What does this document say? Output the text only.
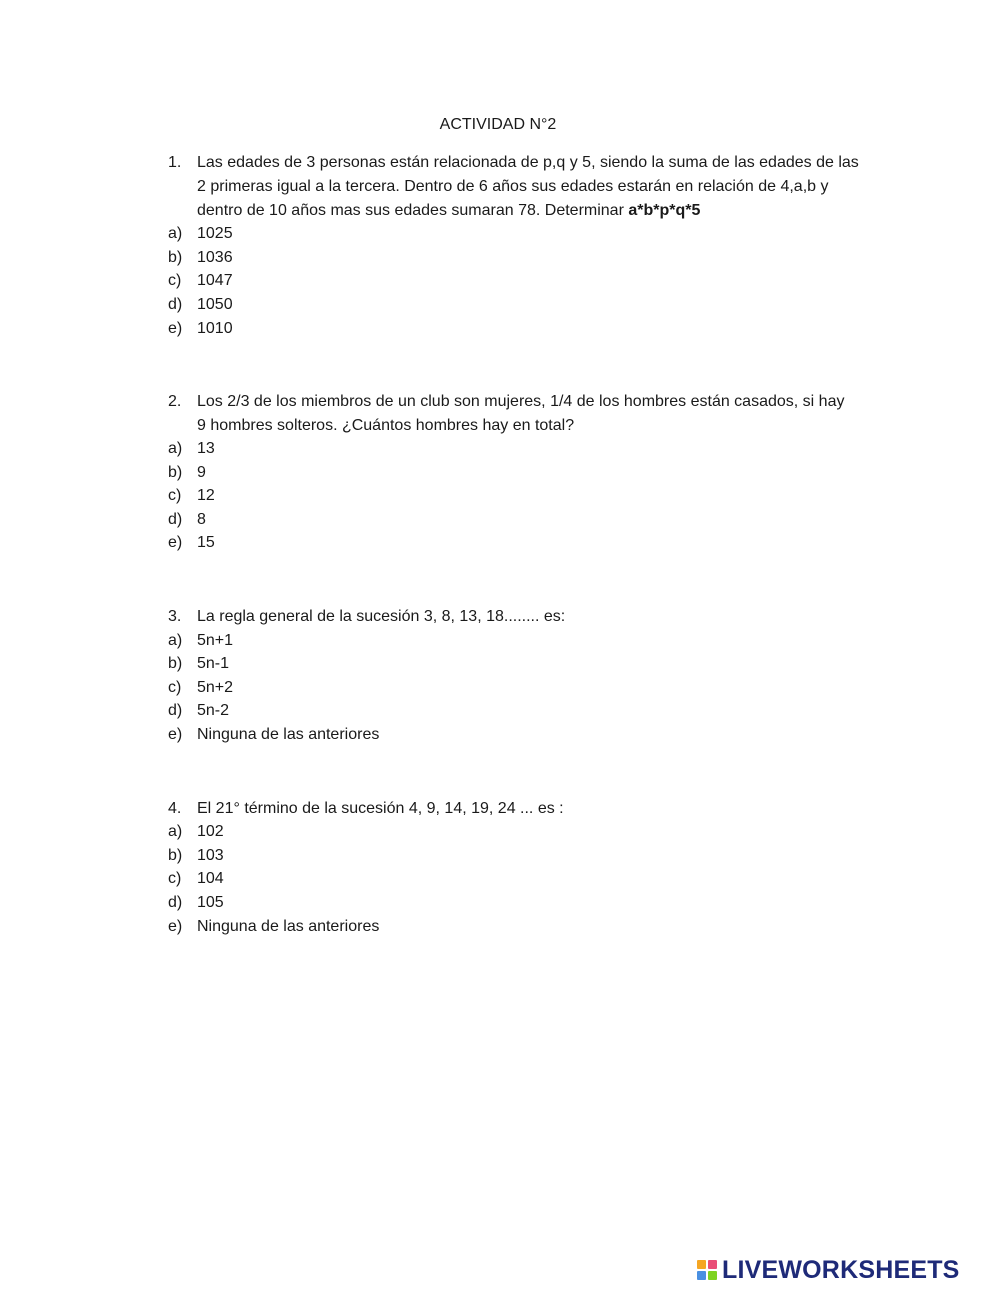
ACTIVIDAD N°2
1. Las edades de 3 personas están relacionada de p,q y 5, siendo la suma de las edades de las
2 primeras igual a la tercera. Dentro de 6 años sus edades estarán en relación de 4,a,b y
dentro de 10 años mas sus edades sumaran 78. Determinar a*b*p*q*5
a) 1025
b) 1036
c) 1047
d) 1050
e) 1010
2. Los 2/3 de los miembros de un club son mujeres, 1/4 de los hombres están casados, si hay
9 hombres solteros. ¿Cuántos hombres hay en total?
a) 13
b) 9
c) 12
d) 8
e) 15
3. La regla general de la sucesión 3, 8, 13, 18........ es:
a) 5n+1
b) 5n-1
c) 5n+2
d) 5n-2
e) Ninguna de las anteriores
4. El 21° término de la sucesión 4, 9, 14, 19, 24 ... es :
a) 102
b) 103
c) 104
d) 105
e) Ninguna de las anteriores
LIVEWORKSHEETS
